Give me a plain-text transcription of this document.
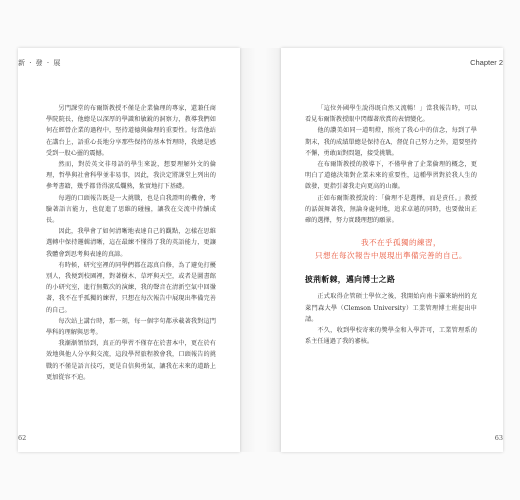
新 · 發 · 展

另門課堂的布爾斯教授不僅是企業倫理的專家，還兼任商學院院長，他總是以深厚的學識和敏銳的洞察力，教導我們如何在經營企業的過程中，堅持道德與倫理的重要性。每當他站在講台上，語重心長地分享那些保持的基本哲理時，我總是感受到一股心靈的震撼。

然而，對於英文非母語的學生來說，想要理解外文的倫理，哲學與社會科學並非易事，因此，我決定將課堂上列出的參考書籍，幾乎都背得滾瓜爛熟，紮實地打下基礎。

每週的口頭報告既是一大挑戰，也是自我證明的機會，考驗著語言能力，也促進了思維的碰撞，讓我在交流中持續成長。

因此，我學會了如何清晰地表達自己的觀點，怎樣在思維選轉中保持邏輯清晰，這在最練不懂得了我的英語能力，更讓我體會到思考與表達的真諦。

有時候，研究室裡的同學們都在認真自修，為了避免打擾別人，我便到校園裡，對著樹木、草坪與天空，或者是圖書館的小研究室，進行無數次的演練，我的聲音在清新空氣中回盪著，我不在乎孤獨的練習，只想在每次報告中展現出準備完善的自己。

每次站上講台時，那一刻，每一個字句都承載著我對這門學科的理解與思考。

我漸漸領悟到，真正的學習不僅存在於書本中，更在於有效地與他人分享與交流，這段學習旅程教會我，口頭報告的挑戰的不僅是語言技巧，更是自信與勇氣，讓我在未來的道路上更加從容不迫。

62
Chapter 2

「這位外國學生說得既自然又流暢！」當我報告時，可以看見布爾斯教授眼中閃耀著欣賞的表情變化。

他的讚美如同一道明燈，照亮了我心中的信念，每到了學期末，我的成績單總是保持在A，督促自己努力之外，還要堅持不懈，勇敢面對問題，接受挑戰。

在布爾斯教授的教導下，不僅學會了企業倫理的概念，更明白了道德決策對企業未來的重要性，這種學習對於我人生的啟發，更指引著我走向更高的山巔。

正如布爾斯教授說的：「倫理不是選擇，而是責任。」教授的話鼓舞著我，無論身處何地，追求卓越的同時，也要做出正確的選擇，努力實踐理想的願景。

我不在乎孤獨的練習，
只想在每次報告中展現出準備完善的自己。
披荊斬棘，邁向博士之路

正式取得企管碩士學位之後，我開始向南卡羅來納州的克萊門森大學（Clemson University）工業管理博士班提出申請。

不久，收到學校寄來的獎學金和入學許可，工業管理系的系主任通過了我的審核。

63
